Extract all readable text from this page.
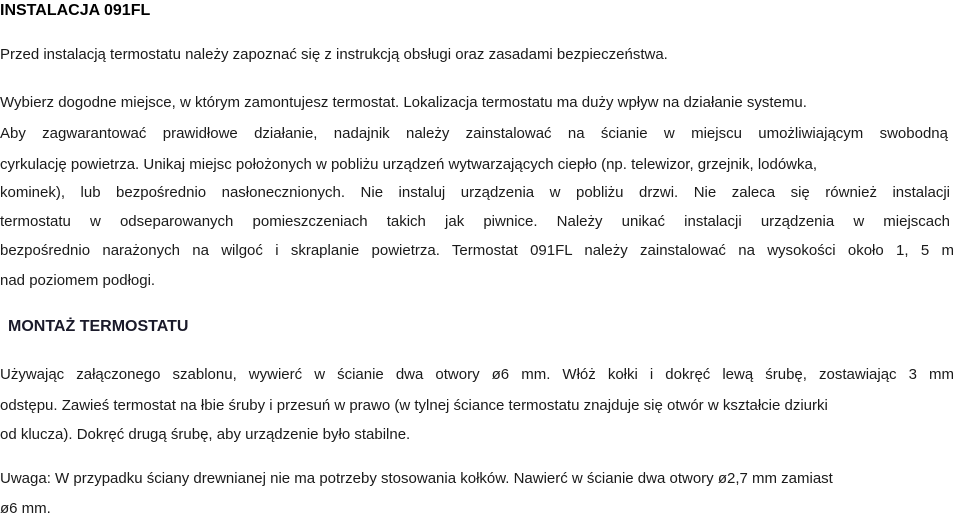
INSTALACJA 091FL

Przed instalacją termostatu należy zapoznać się z instrukcją obsługi oraz zasadami bezpieczeństwa.

Wybierz dogodne miejsce, w którym zamontujesz termostat. Lokalizacja termostatu ma duży wpływ na działanie systemu.

Aby zagwarantować prawidłowe działanie, nadajnik należy zainstalować na ścianie w miejscu umożliwiającym swobodną

cyrkulację powietrza. Unikaj miejsc położonych w pobliżu urządzeń wytwarzających ciepło (np. telewizor, grzejnik, lodówka,

kominek), lub bezpośrednio nasłonecznionych. Nie instaluj urządzenia w pobliżu drzwi. Nie zaleca się również instalacji

termostatu w odseparowanych pomieszczeniach takich jak piwnice. Należy unikać instalacji urządzenia w miejscach

bezpośrednio narażonych na wilgoć i skraplanie powietrza. Termostat 091FL należy zainstalować na wysokości około 1, 5 m

nad poziomem podłogi.

MONTAŻ TERMOSTATU

Używając załączonego szablonu, wywierć w ścianie dwa otwory ø6 mm. Włóż kołki i dokręć lewą śrubę, zostawiając 3 mm

odstępu. Zawieś termostat na łbie śruby i przesuń w prawo (w tylnej ściance termostatu znajduje się otwór w kształcie dziurki

od klucza). Dokręć drugą śrubę, aby urządzenie było stabilne.

Uwaga: W przypadku ściany drewnianej nie ma potrzeby stosowania kołków. Nawierć w ścianie dwa otwory ø2,7 mm zamiast

ø6 mm.
